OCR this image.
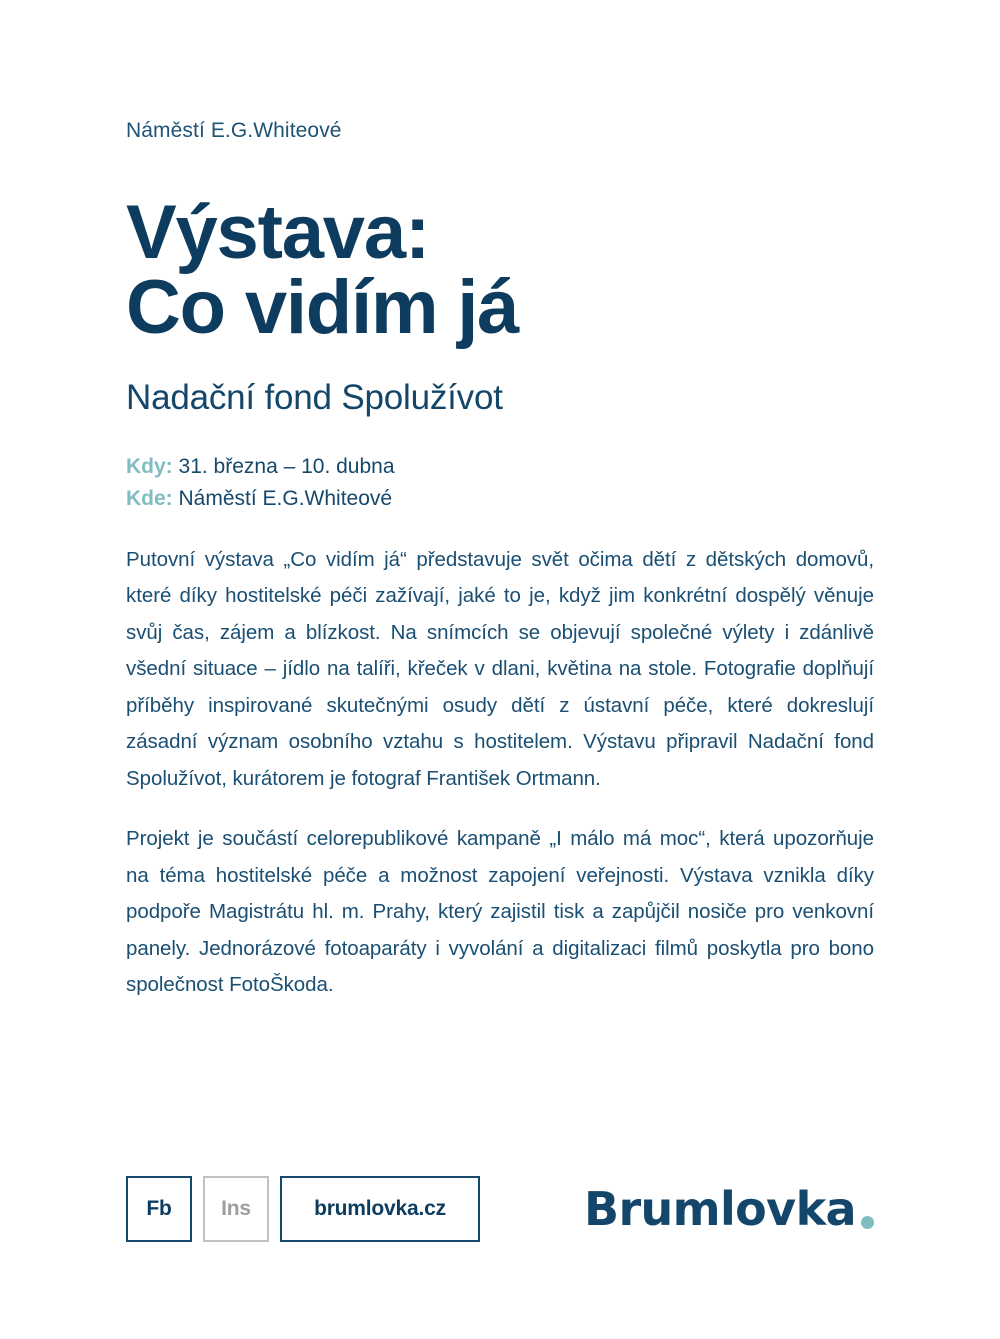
Náměstí E.G.Whiteové

Výstava:
Co vidím já
Nadační fond Spolužívot
Kdy: 31. března – 10. dubna
Kde: Náměstí E.G.Whiteové

Putovní výstava „Co vidím já“ představuje svět očima dětí z dětských domovů, které díky hostitelské péči zažívají, jaké to je, když jim konkrétní dospělý věnuje svůj čas, zájem a blízkost. Na snímcích se objevují společné výlety i zdánlivě všední situace – jídlo na talíři, křeček v dlani, květina na stole. Fotografie doplňují příběhy inspirované skutečnými osudy dětí z ústavní péče, které dokreslují zásadní význam osobního vztahu s hostitelem. Výstavu připravil Nadační fond Spolužívot, kurátorem je fotograf František Ortmann.

Projekt je součástí celorepublikové kampaně „I málo má moc“, která upozorňuje na téma hostitelské péče a možnost zapojení veřejnosti. Výstava vznikla díky podpoře Magistrátu hl. m. Prahy, který zajistil tisk a zapůjčil nosiče pro venkovní panely. Jednorázové fotoaparáty i vyvolání a digitalizaci filmů poskytla pro bono společnost FotoŠkoda.

Fb	Ins	brumlovka.cz	Brumlovka
